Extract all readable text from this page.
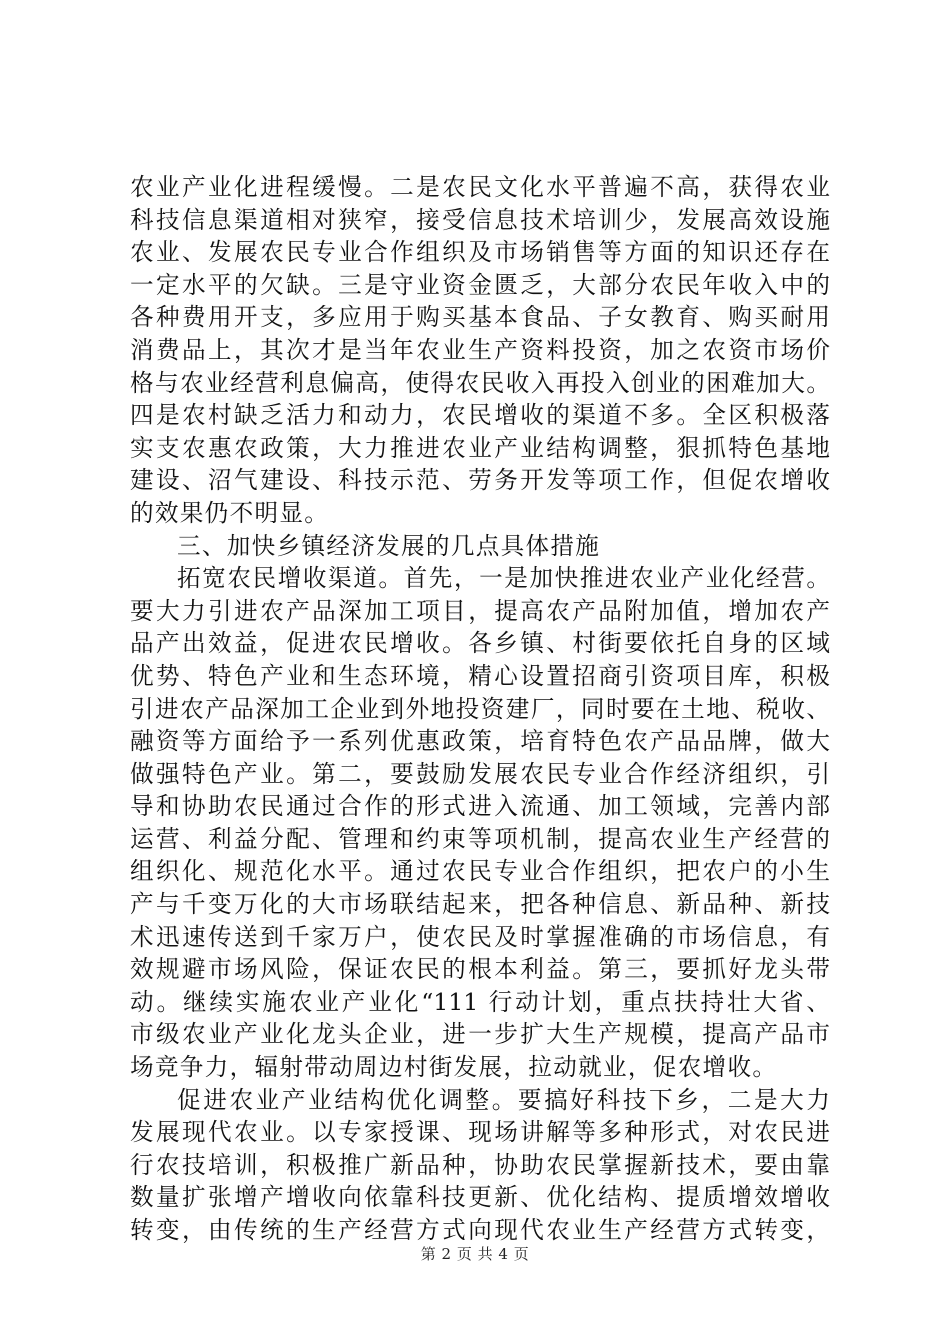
农业产业化进程缓慢。二是农民文化水平普遍不高，获得农业
科技信息渠道相对狭窄，接受信息技术培训少，发展高效设施
农业、发展农民专业合作组织及市场销售等方面的知识还存在
一定水平的欠缺。三是守业资金匮乏，大部分农民年收入中的
各种费用开支，多应用于购买基本食品、子女教育、购买耐用
消费品上，其次才是当年农业生产资料投资，加之农资市场价
格与农业经营利息偏高，使得农民收入再投入创业的困难加大。
四是农村缺乏活力和动力，农民增收的渠道不多。全区积极落
实支农惠农政策，大力推进农业产业结构调整，狠抓特色基地
建设、沼气建设、科技示范、劳务开发等项工作，但促农增收
的效果仍不明显。
三、加快乡镇经济发展的几点具体措施
拓宽农民增收渠道。首先，一是加快推进农业产业化经营。
要大力引进农产品深加工项目，提高农产品附加值，增加农产
品产出效益，促进农民增收。各乡镇、村街要依托自身的区域
优势、特色产业和生态环境，精心设置招商引资项目库，积极
引进农产品深加工企业到外地投资建厂，同时要在土地、税收、
融资等方面给予一系列优惠政策，培育特色农产品品牌，做大
做强特色产业。第二，要鼓励发展农民专业合作经济组织，引
导和协助农民通过合作的形式进入流通、加工领域，完善内部
运营、利益分配、管理和约束等项机制，提高农业生产经营的
组织化、规范化水平。通过农民专业合作组织，把农户的小生
产与千变万化的大市场联结起来，把各种信息、新品种、新技
术迅速传送到千家万户，使农民及时掌握准确的市场信息，有
效规避市场风险，保证农民的根本利益。第三，要抓好龙头带
动。继续实施农业产业化“111 行动计划，重点扶持壮大省、
市级农业产业化龙头企业，进一步扩大生产规模，提高产品市
场竞争力，辐射带动周边村街发展，拉动就业，促农增收。
促进农业产业结构优化调整。要搞好科技下乡，二是大力
发展现代农业。以专家授课、现场讲解等多种形式，对农民进
行农技培训，积极推广新品种，协助农民掌握新技术，要由靠
数量扩张增产增收向依靠科技更新、优化结构、提质增效增收
转变，由传统的生产经营方式向现代农业生产经营方式转变，
第 2 页 共 4 页
